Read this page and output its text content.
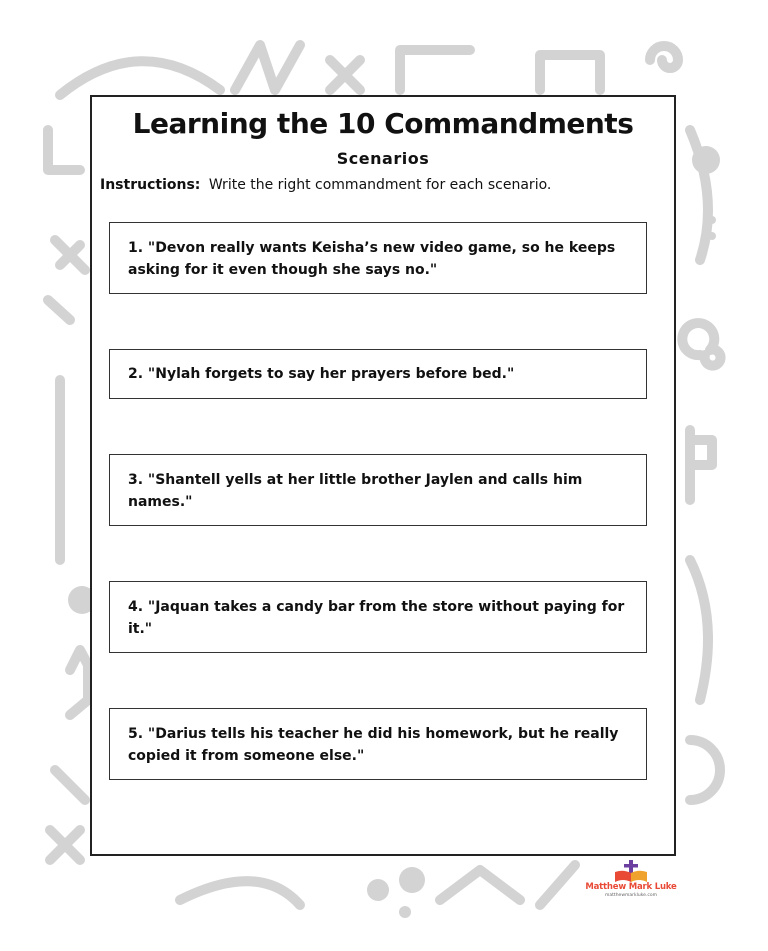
Learning the 10 Commandments
Scenarios
Instructions: Write the right commandment for each scenario.
1. "Devon really wants Keisha’s new video game, so he keeps asking for it even though she says no."
2. "Nylah forgets to say her prayers before bed."
3. "Shantell yells at her little brother Jaylen and calls him names."
4. "Jaquan takes a candy bar from the store without paying for it."
5. "Darius tells his teacher he did his homework, but he really copied it from someone else."
Matthew Mark Luke
matthewmarkluke.com
